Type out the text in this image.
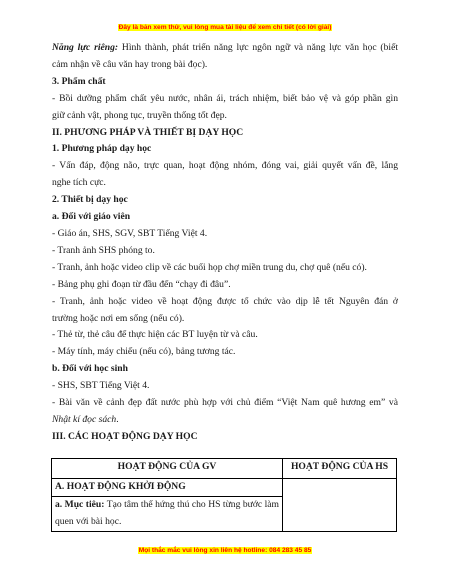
Đây là bản xem thử, vui lòng mua tài liệu để xem chi tiết (có lời giải)

Năng lực riêng: Hình thành, phát triển năng lực ngôn ngữ và năng lực văn học (biết

cảm nhận về câu văn hay trong bài đọc).

3. Phẩm chất

- Bồi dưỡng phẩm chất yêu nước, nhân ái, trách nhiệm, biết bảo vệ và góp phần gìn

giữ cảnh vật, phong tục, truyền thống tốt đẹp.

II. PHƯƠNG PHÁP VÀ THIẾT BỊ DẠY HỌC

1. Phương pháp dạy học

- Vấn đáp, động não, trực quan, hoạt động nhóm, đóng vai, giải quyết vấn đề, lắng

nghe tích cực.

2. Thiết bị dạy học

a. Đối với giáo viên

- Giáo án, SHS, SGV, SBT Tiếng Việt 4.

- Tranh ảnh SHS phóng to.

- Tranh, ảnh hoặc video clip về các buổi họp chợ miền trung du, chợ quê (nếu có).

- Bảng phụ ghi đoạn từ đầu đến “chạy đi đâu”.

- Tranh, ảnh hoặc video về hoạt động được tổ chức vào dịp lễ tết Nguyên đán ở

trường hoặc nơi em sống (nếu có).

- Thẻ từ, thẻ câu để thực hiện các BT luyện từ và câu.

- Máy tính, máy chiếu (nếu có), bảng tương tác.

b. Đối với học sinh

- SHS, SBT Tiếng Việt 4.

- Bài văn về cảnh đẹp đất nước phù hợp với chủ điểm “Việt Nam quê hương em” và

Nhật kí đọc sách.

III. CÁC HOẠT ĐỘNG DẠY HỌC

HOẠT ĐỘNG CỦA GV	HOẠT ĐỘNG CỦA HS

A. HOẠT ĐỘNG KHỞI ĐỘNG	

a. Mục tiêu: Tạo tâm thế hứng thú cho HS từng bước làm
quen với bài học.	
Mọi thắc mắc vui lòng xin liên hệ hotline: 084 283 45 85
